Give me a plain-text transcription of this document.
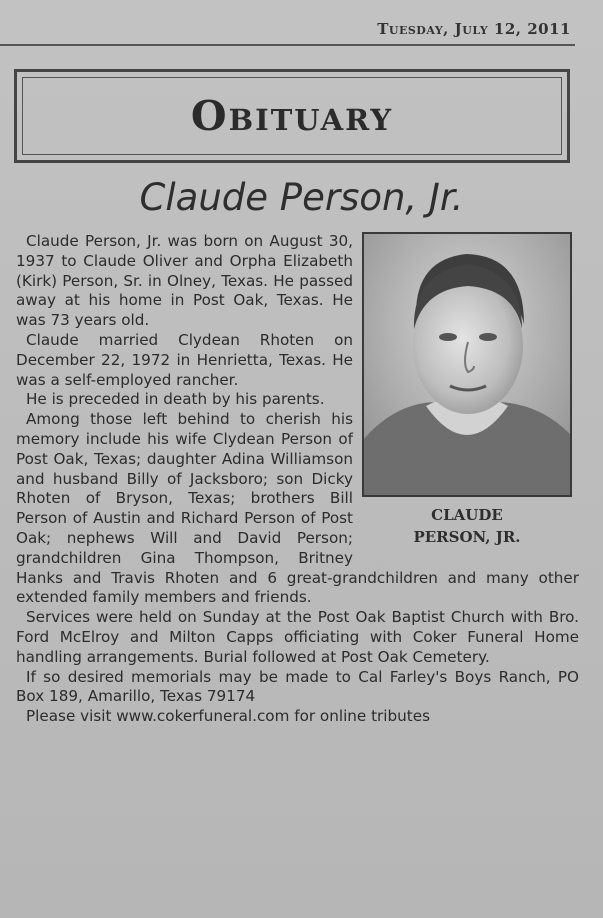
Tuesday, July 12, 2011
Obituary
Claude Person, Jr.
CLAUDE
PERSON, JR.

Claude Person, Jr. was born on August 30, 1937 to Claude Oliver and Orpha Elizabeth (Kirk) Person, Sr. in Olney, Texas. He passed away at his home in Post Oak, Texas. He was 73 years old.

Claude married Clydean Rhoten on December 22, 1972 in Henrietta, Texas. He was a self-employed rancher.

He is preceded in death by his parents.

Among those left behind to cherish his memory include his wife Clydean Person of Post Oak, Texas; daughter Adina Williamson and husband Billy of Jacksboro; son Dicky Rhoten of Bryson, Texas; brothers Bill Person of Austin and Richard Person of Post Oak; nephews Will and David Person; grandchildren Gina Thompson, Britney Hanks and Travis Rhoten and 6 great-grandchildren and many other extended family members and friends.

Services were held on Sunday at the Post Oak Baptist Church with Bro. Ford McElroy and Milton Capps officiating with Coker Funeral Home handling arrangements. Burial followed at Post Oak Cemetery.

If so desired memorials may be made to Cal Farley's Boys Ranch, PO Box 189, Amarillo, Texas 79174

Please visit www.cokerfuneral.com for online tributes
